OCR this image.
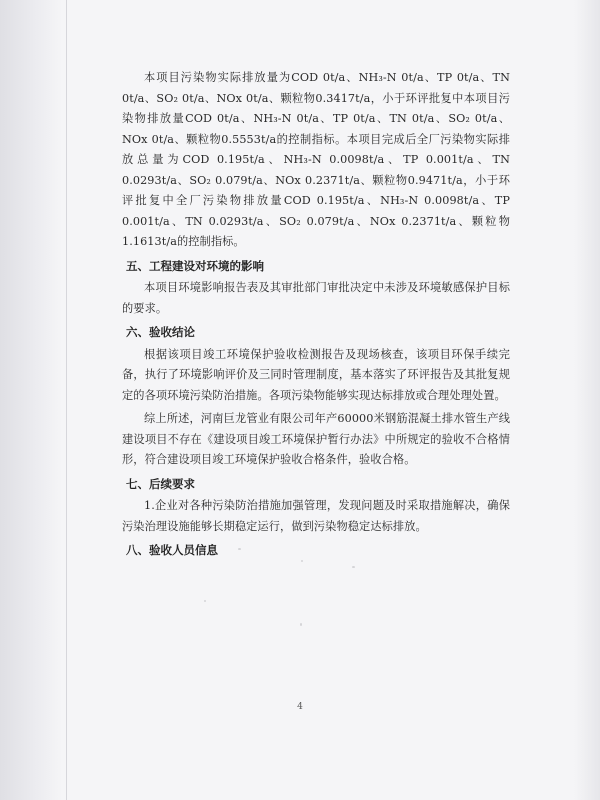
本项目污染物实际排放量为COD 0t/a、NH₃-N 0t/a、TP 0t/a、TN 0t/a、SO₂ 0t/a、NOx 0t/a、颗粒物0.3417t/a，小于环评批复中本项目污染物排放量COD 0t/a、NH₃-N 0t/a、TP 0t/a、TN 0t/a、SO₂ 0t/a、NOx 0t/a、颗粒物0.5553t/a的控制指标。本项目完成后全厂污染物实际排放总量为COD 0.195t/a、NH₃-N 0.0098t/a、TP 0.001t/a、TN 0.0293t/a、SO₂ 0.079t/a、NOx 0.2371t/a、颗粒物0.9471t/a，小于环评批复中全厂污染物排放量COD 0.195t/a、NH₃-N 0.0098t/a、TP 0.001t/a、TN 0.0293t/a、SO₂ 0.079t/a、NOx 0.2371t/a、颗粒物1.1613t/a的控制指标。

五、工程建设对环境的影响

本项目环境影响报告表及其审批部门审批决定中未涉及环境敏感保护目标的要求。

六、验收结论

根据该项目竣工环境保护验收检测报告及现场核查，该项目环保手续完备，执行了环境影响评价及三同时管理制度，基本落实了环评报告及其批复规定的各项环境污染防治措施。各项污染物能够实现达标排放或合理处理处置。

综上所述，河南巨龙管业有限公司年产60000米钢筋混凝土排水管生产线建设项目不存在《建设项目竣工环境保护暂行办法》中所规定的验收不合格情形，符合建设项目竣工环境保护验收合格条件，验收合格。

七、后续要求

1.企业对各种污染防治措施加强管理，发现问题及时采取措施解决，确保污染治理设施能够长期稳定运行，做到污染物稳定达标排放。

八、验收人员信息
4
